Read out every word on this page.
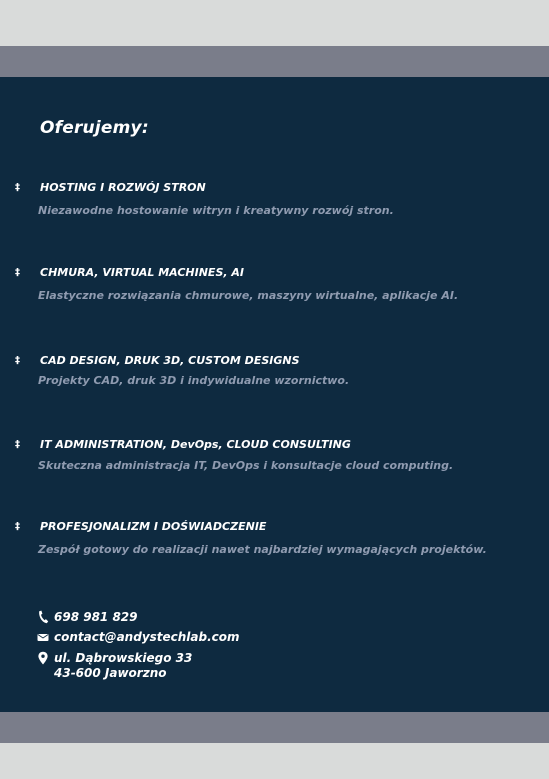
Oferujemy:
‡ HOSTING I ROZWÓJ STRON
Niezawodne hostowanie witryn i kreatywny rozwój stron.
‡ CHMURA, VIRTUAL MACHINES, AI
Elastyczne rozwiązania chmurowe, maszyny wirtualne, aplikacje AI.
‡ CAD DESIGN, DRUK 3D, CUSTOM DESIGNS
Projekty CAD, druk 3D i indywidualne wzornictwo.
‡ IT ADMINISTRATION, DevOps, CLOUD CONSULTING
Skuteczna administracja IT, DevOps i konsultacje cloud computing.
‡ PROFESJONALIZM I DOŚWIADCZENIE
Zespół gotowy do realizacji nawet najbardziej wymagających projektów.
698 981 829
contact@andystechlab.com
ul. Dąbrowskiego 33
43-600 Jaworzno
